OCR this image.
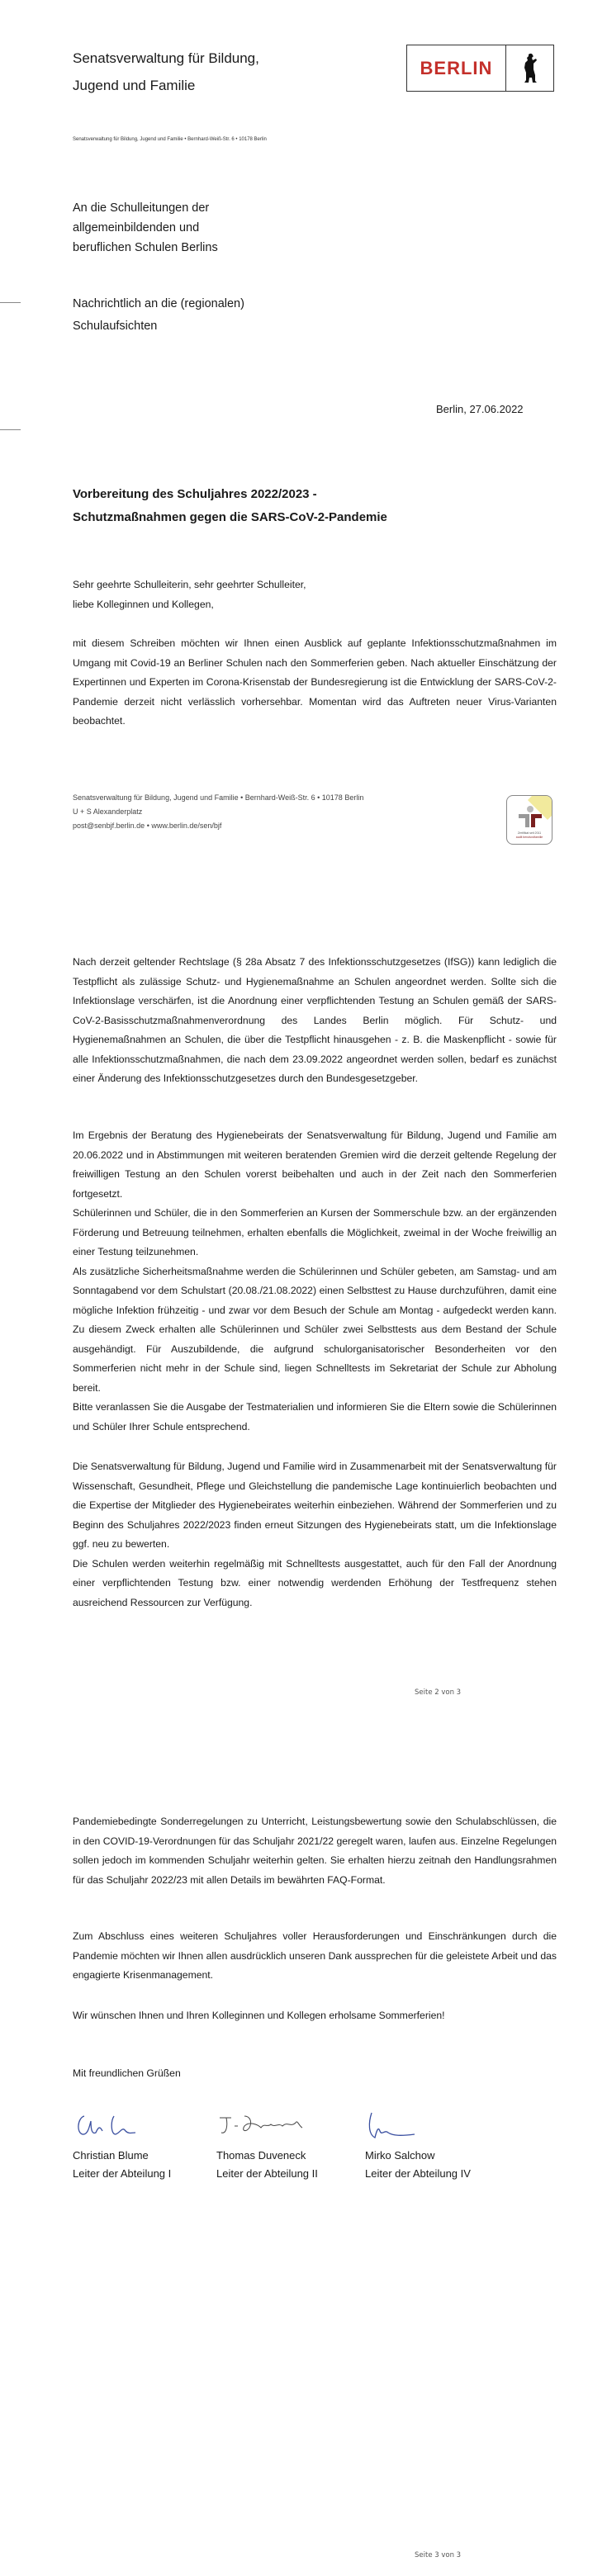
Senatsverwaltung für Bildung,
Jugend und Familie
BERLIN
Senatsverwaltung für Bildung, Jugend und Familie • Bernhard-Weiß-Str. 6 • 10178 Berlin
An die Schulleitungen der
allgemeinbildenden und
beruflichen Schulen Berlins
Nachrichtlich an die (regionalen)
Schulaufsichten
Berlin, 27.06.2022
Vorbereitung des Schuljahres 2022/2023 -
Schutzmaßnahmen gegen die SARS-CoV-2-Pandemie

Sehr geehrte Schulleiterin, sehr geehrter Schulleiter,

liebe Kolleginnen und Kollegen,

mit diesem Schreiben möchten wir Ihnen einen Ausblick auf geplante Infektionsschutzmaßnahmen im Umgang mit Covid-19 an Berliner Schulen nach den Sommerferien geben. Nach aktueller Einschätzung der Expertinnen und Experten im Corona-Krisenstab der Bundesregierung ist die Entwicklung der SARS-CoV-2-Pandemie derzeit nicht verlässlich vorhersehbar. Momentan wird das Auftreten neuer Virus-Varianten beobachtet.

Senatsverwaltung für Bildung, Jugend und Familie • Bernhard-Weiß-Str. 6 • 10178 Berlin
U + S Alexanderplatz
post@senbjf.berlin.de • www.berlin.de/sen/bjf
Zertifikat seit 2011
audit berufundfamilie

Nach derzeit geltender Rechtslage (§ 28a Absatz 7 des Infektionsschutzgesetzes (IfSG)) kann lediglich die Testpflicht als zulässige Schutz- und Hygienemaßnahme an Schulen angeordnet werden. Sollte sich die Infektionslage verschärfen, ist die Anordnung einer verpflichtenden Testung an Schulen gemäß der SARS-CoV-2-Basisschutzmaßnahmenverordnung des Landes Berlin möglich. Für Schutz- und Hygienemaßnahmen an Schulen, die über die Testpflicht hinausgehen - z. B. die Maskenpflicht - sowie für alle Infektionsschutzmaßnahmen, die nach dem 23.09.2022 angeordnet werden sollen, bedarf es zunächst einer Änderung des Infektionsschutzgesetzes durch den Bundesgesetzgeber.

Im Ergebnis der Beratung des Hygienebeirats der Senatsverwaltung für Bildung, Jugend und Familie am 20.06.2022 und in Abstimmungen mit weiteren beratenden Gremien wird die derzeit geltende Regelung der freiwilligen Testung an den Schulen vorerst beibehalten und auch in der Zeit nach den Sommerferien fortgesetzt.

Schülerinnen und Schüler, die in den Sommerferien an Kursen der Sommerschule bzw. an der ergänzenden Förderung und Betreuung teilnehmen, erhalten ebenfalls die Möglichkeit, zweimal in der Woche freiwillig an einer Testung teilzunehmen.

Als zusätzliche Sicherheitsmaßnahme werden die Schülerinnen und Schüler gebeten, am Samstag- und am Sonntagabend vor dem Schulstart (20.08./21.08.2022) einen Selbsttest zu Hause durchzuführen, damit eine mögliche Infektion frühzeitig - und zwar vor dem Besuch der Schule am Montag - aufgedeckt werden kann. Zu diesem Zweck erhalten alle Schülerinnen und Schüler zwei Selbsttests aus dem Bestand der Schule ausgehändigt. Für Auszubildende, die aufgrund schulorganisatorischer Besonderheiten vor den Sommerferien nicht mehr in der Schule sind, liegen Schnelltests im Sekretariat der Schule zur Abholung bereit.

Bitte veranlassen Sie die Ausgabe der Testmaterialien und informieren Sie die Eltern sowie die Schülerinnen und Schüler Ihrer Schule entsprechend.

Die Senatsverwaltung für Bildung, Jugend und Familie wird in Zusammenarbeit mit der Senatsverwaltung für Wissenschaft, Gesundheit, Pflege und Gleichstellung die pandemische Lage kontinuierlich beobachten und die Expertise der Mitglieder des Hygienebeirates weiterhin einbeziehen. Während der Sommerferien und zu Beginn des Schuljahres 2022/2023 finden erneut Sitzungen des Hygienebeirats statt, um die Infektionslage ggf. neu zu bewerten.

Die Schulen werden weiterhin regelmäßig mit Schnelltests ausgestattet, auch für den Fall der Anordnung einer verpflichtenden Testung bzw. einer notwendig werdenden Erhöhung der Testfrequenz stehen ausreichend Ressourcen zur Verfügung.

Seite 2 von 3

Pandemiebedingte Sonderregelungen zu Unterricht, Leistungsbewertung sowie den Schulabschlüssen, die in den COVID-19-Verordnungen für das Schuljahr 2021/22 geregelt waren, laufen aus. Einzelne Regelungen sollen jedoch im kommenden Schuljahr weiterhin gelten. Sie erhalten hierzu zeitnah den Handlungsrahmen für das Schuljahr 2022/23 mit allen Details im bewährten FAQ-Format.

Zum Abschluss eines weiteren Schuljahres voller Herausforderungen und Einschränkungen durch die Pandemie möchten wir Ihnen allen ausdrücklich unseren Dank aussprechen für die geleistete Arbeit und das engagierte Krisenmanagement.

Wir wünschen Ihnen und Ihren Kolleginnen und Kollegen erholsame Sommerferien!

Mit freundlichen Grüßen

Christian Blume
Leiter der Abteilung I
Thomas Duveneck
Leiter der Abteilung II
Mirko Salchow
Leiter der Abteilung IV
Seite 3 von 3
